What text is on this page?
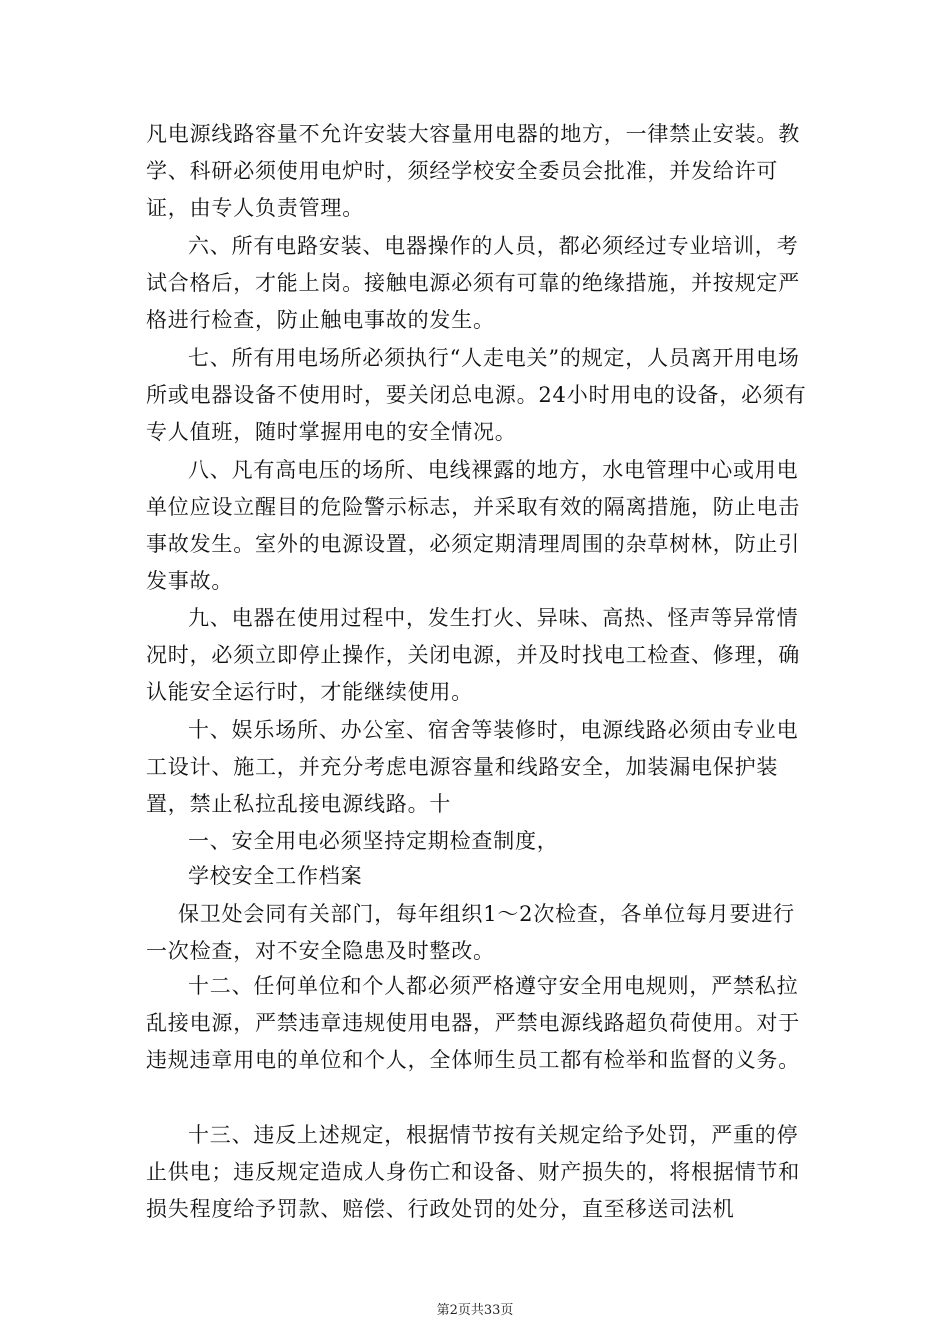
凡电源线路容量不允许安装大容量用电器的地方，一律禁止安装。教学、科研必须使用电炉时，须经学校安全委员会批准，并发给许可证，由专人负责管理。
六、所有电路安装、电器操作的人员，都必须经过专业培训，考试合格后，才能上岗。接触电源必须有可靠的绝缘措施，并按规定严格进行检查，防止触电事故的发生。
七、所有用电场所必须执行“人走电关”的规定，人员离开用电场所或电器设备不使用时，要关闭总电源。24小时用电的设备，必须有专人值班，随时掌握用电的安全情况。
八、凡有高电压的场所、电线裸露的地方，水电管理中心或用电单位应设立醒目的危险警示标志，并采取有效的隔离措施，防止电击事故发生。室外的电源设置，必须定期清理周围的杂草树林，防止引发事故。
九、电器在使用过程中，发生打火、异味、高热、怪声等异常情况时，必须立即停止操作，关闭电源，并及时找电工检查、修理，确认能安全运行时，才能继续使用。
十、娱乐场所、办公室、宿舍等装修时，电源线路必须由专业电工设计、施工，并充分考虑电源容量和线路安全，加装漏电保护装置，禁止私拉乱接电源线路。十
一、安全用电必须坚持定期检查制度，
学校安全工作档案
保卫处会同有关部门，每年组织1～2次检查，各单位每月要进行一次检查，对不安全隐患及时整改。
十二、任何单位和个人都必须严格遵守安全用电规则，严禁私拉乱接电源，严禁违章违规使用电器，严禁电源线路超负荷使用。对于违规违章用电的单位和个人，全体师生员工都有检举和监督的义务。
十三、违反上述规定，根据情节按有关规定给予处罚，严重的停止供电；违反规定造成人身伤亡和设备、财产损失的，将根据情节和损失程度给予罚款、赔偿、行政处罚的处分，直至移送司法机
第2页共33页
